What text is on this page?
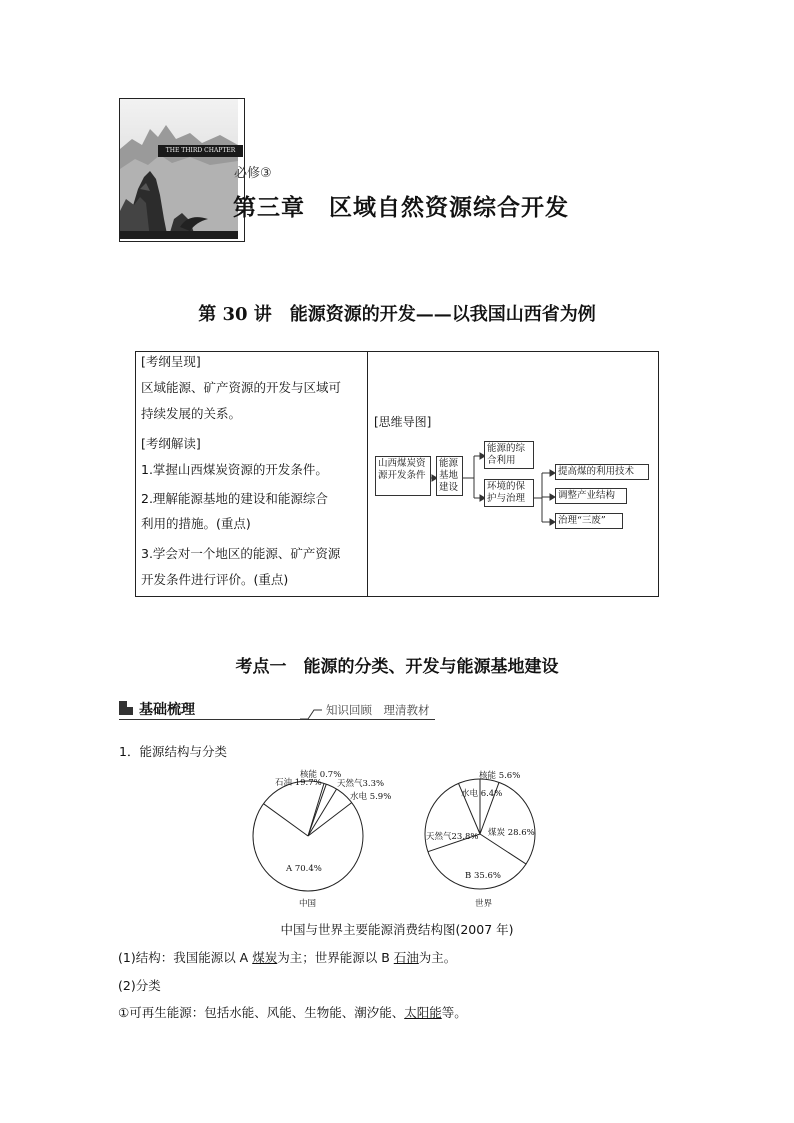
THE THIRD CHAPTER
必修③
第三章　区域自然资源综合开发
第 30 讲　能源资源的开发——以我国山西省为例
[考纲呈现]
区域能源、矿产资源的开发与区域可
持续发展的关系。
[考纲解读]
1.掌握山西煤炭资源的开发条件。
2.理解能源基地的建设和能源综合
利用的措施。(重点)
3.学会对一个地区的能源、矿产资源
开发条件进行评价。(重点)
[思维导图]
山西煤炭资源开发条件
能源基地建设
能源的综合利用
环境的保护与治理
提高煤的利用技术
调整产业结构
治理“三废”
考点一　能源的分类、开发与能源基地建设
基础梳理	知识回顾　理清教材
1．能源结构与分类
石油 19.7%
核能 0.7%
天然气3.3%
水电 5.9%
A 70.4%
中国
核能 5.6%
煤炭 28.6%
B 35.6%
天然气23.8%
水电 6.4%
世界
中国与世界主要能源消费结构图(2007 年)
(1)结构：我国能源以 A 煤炭为主；世界能源以 B 石油为主。
(2)分类
①可再生能源：包括水能、风能、生物能、潮汐能、太阳能等。
